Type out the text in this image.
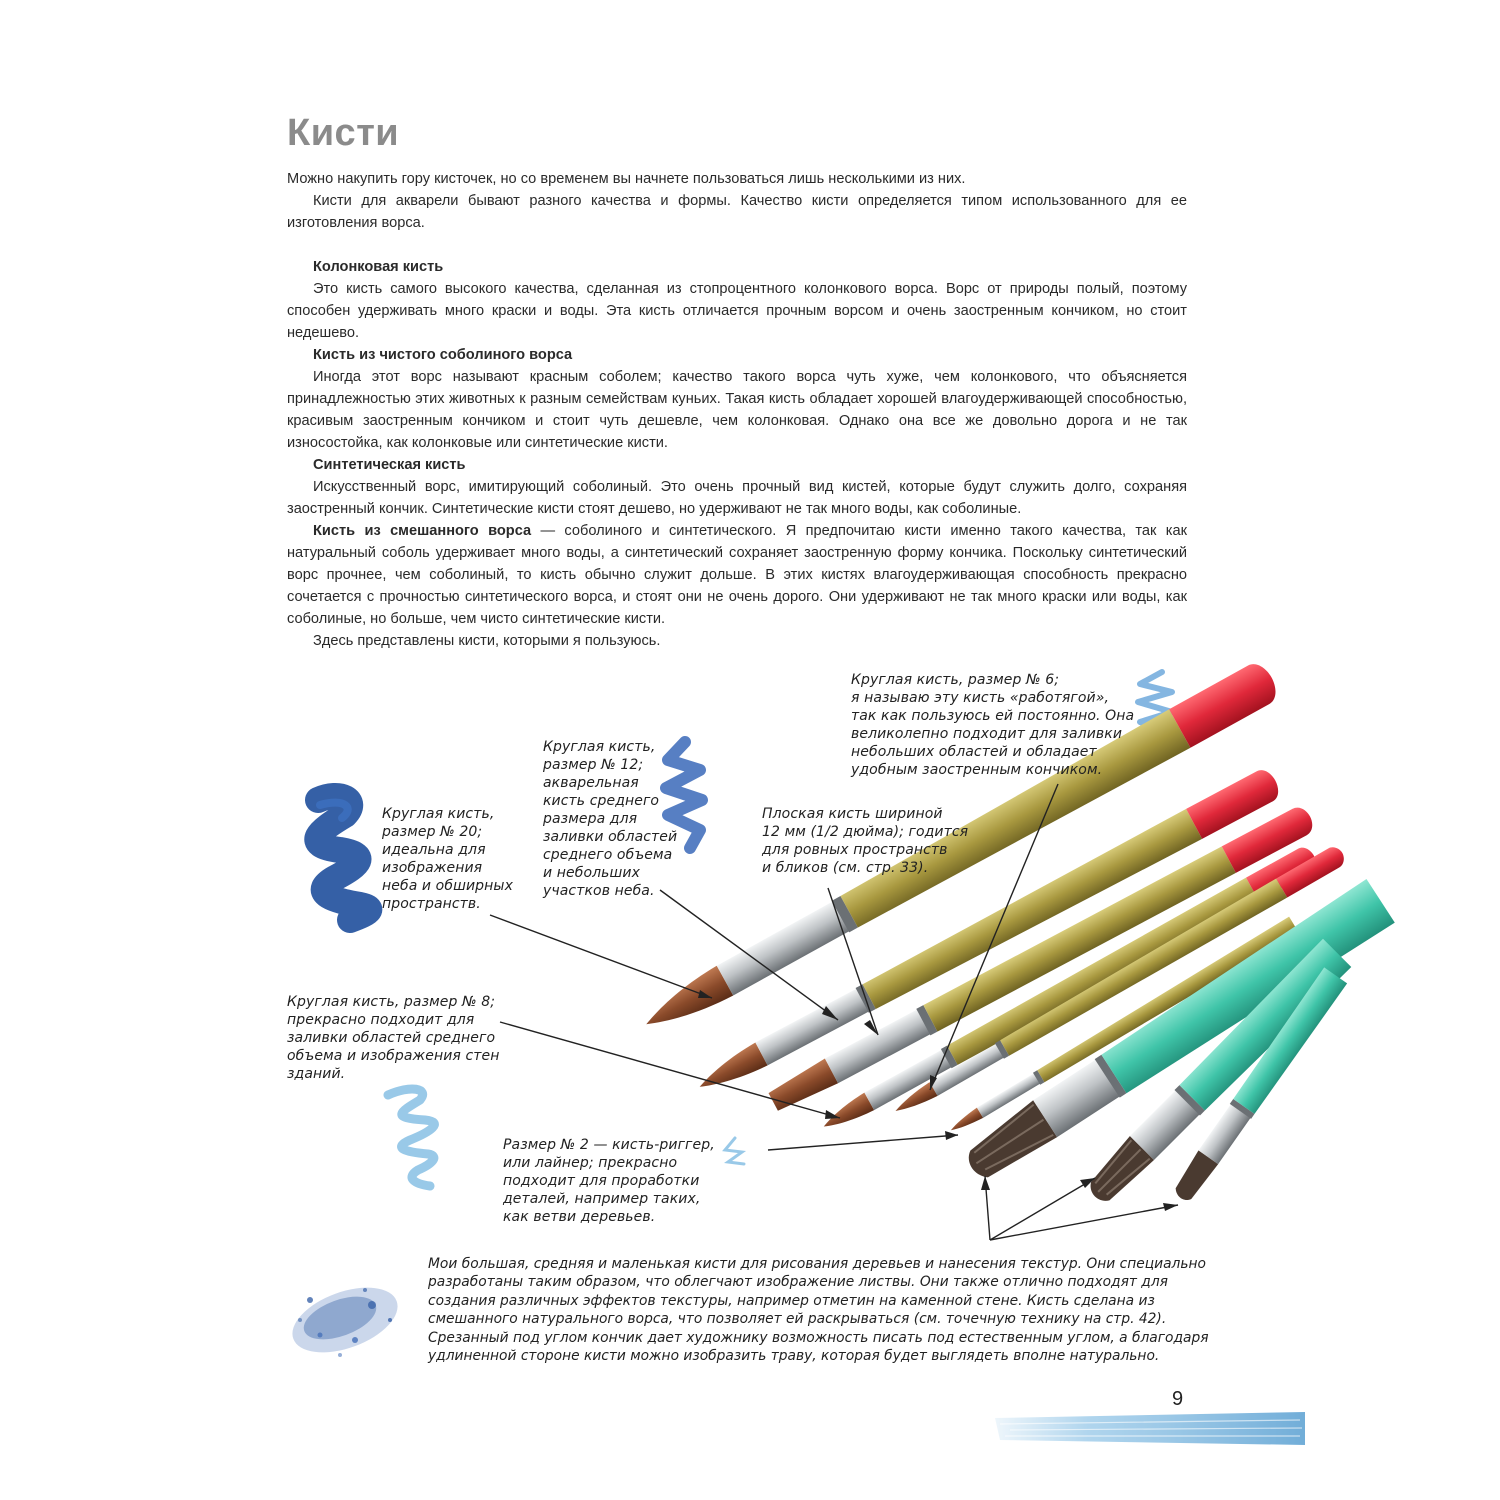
Кисти

Можно накупить гору кисточек, но со временем вы начнете пользоваться лишь несколькими из них.

Кисти для акварели бывают разного качества и формы. Качество кисти определяется типом использованного для ее изготовления ворса.

Колонковая кисть

Это кисть самого высокого качества, сделанная из стопроцентного колонкового ворса. Ворс от природы полый, поэтому способен удерживать много краски и воды. Эта кисть отличается прочным ворсом и очень заостренным кончиком, но стоит недешево.

Кисть из чистого соболиного ворса

Иногда этот ворс называют красным соболем; качество такого ворса чуть хуже, чем колонкового, что объясняется принадлежностью этих животных к разным семействам куньих. Такая кисть обладает хорошей влагоудерживающей способностью, красивым заостренным кончиком и стоит чуть дешевле, чем колонковая. Однако она все же довольно дорога и не так износостойка, как колонковые или синтетические кисти.

Синтетическая кисть

Искусственный ворс, имитирующий соболиный. Это очень прочный вид кистей, которые будут служить долго, сохраняя заостренный кончик. Синтетические кисти стоят дешево, но удерживают не так много воды, как соболиные.

Кисть из смешанного ворса — соболиного и синтетического. Я предпочитаю кисти именно такого качества, так как натуральный соболь удерживает много воды, а синтетический сохраняет заостренную форму кончика. Поскольку синтетический ворс прочнее, чем соболиный, то кисть обычно служит дольше. В этих кистях влагоудерживающая способность прекрасно сочетается с прочностью синтетического ворса, и стоят они не очень дорого. Они удерживают не так много краски или воды, как соболиные, но больше, чем чисто синтетические кисти.

Здесь представлены кисти, которыми я пользуюсь.

Круглая кисть, размер № 6;
я называю эту кисть «работягой»,
так как пользуюсь ей постоянно. Она
великолепно подходит для заливки
небольших областей и обладает
удобным заостренным кончиком.
Круглая кисть,
размер № 12;
акварельная
кисть среднего
размера для
заливки областей
среднего объема
и небольших
участков неба.
Круглая кисть,
размер № 20;
идеальна для
изображения
неба и обширных
пространств.
Плоская кисть шириной
12 мм (1/2 дюйма); годится
для ровных пространств
и бликов (см. стр. 33).
Круглая кисть, размер № 8;
прекрасно подходит для
заливки областей среднего
объема и изображения стен
зданий.
Размер № 2 — кисть-риггер,
или лайнер; прекрасно
подходит для проработки
деталей, например таких,
как ветви деревьев.
Мои большая, средняя и маленькая кисти для рисования деревьев и нанесения текстур. Они специально
разработаны таким образом, что облегчают изображение листвы. Они также отлично подходят для
создания различных эффектов текстуры, например отметин на каменной стене. Кисть сделана из
смешанного натурального ворса, что позволяет ей раскрываться (см. точечную технику на стр. 42).
Срезанный под углом кончик дает художнику возможность писать под естественным углом, а благодаря
удлиненной стороне кисти можно изобразить траву, которая будет выглядеть вполне натурально.
9
